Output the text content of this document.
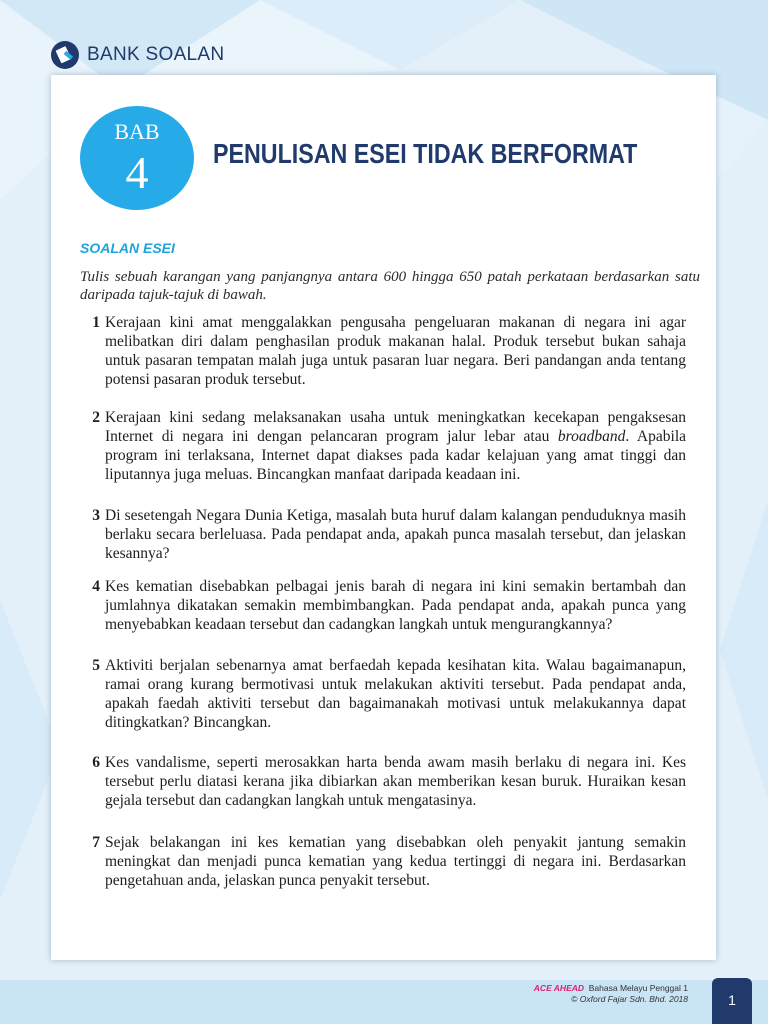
BANK SOALAN
BAB
4	PENULISAN ESEI TIDAK BERFORMAT
SOALAN ESEI
Tulis sebuah karangan yang panjangnya antara 600 hingga 650 patah perkataan berdasarkan satu daripada tajuk-tajuk di bawah.
1 Kerajaan kini amat menggalakkan pengusaha pengeluaran makanan di negara ini agar melibatkan diri dalam penghasilan produk makanan halal. Produk tersebut bukan sahaja untuk pasaran tempatan malah juga untuk pasaran luar negara. Beri pandangan anda tentang potensi pasaran produk tersebut.
2 Kerajaan kini sedang melaksanakan usaha untuk meningkatkan kecekapan pengaksesan Internet di negara ini dengan pelancaran program jalur lebar atau broadband. Apabila program ini terlaksana, Internet dapat diakses pada kadar kelajuan yang amat tinggi dan liputannya juga meluas. Bincangkan manfaat daripada keadaan ini.
3 Di sesetengah Negara Dunia Ketiga, masalah buta huruf dalam kalangan penduduknya masih berlaku secara berleluasa. Pada pendapat anda, apakah punca masalah tersebut, dan jelaskan kesannya?
4 Kes kematian disebabkan pelbagai jenis barah di negara ini kini semakin bertambah dan jumlahnya dikatakan semakin membimbangkan. Pada pendapat anda, apakah punca yang menyebabkan keadaan tersebut dan cadangkan langkah untuk mengurangkannya?
5 Aktiviti berjalan sebenarnya amat berfaedah kepada kesihatan kita. Walau bagaimanapun, ramai orang kurang bermotivasi untuk melakukan aktiviti tersebut. Pada pendapat anda, apakah faedah aktiviti tersebut dan bagaimanakah motivasi untuk melakukannya dapat ditingkatkan? Bincangkan.
6 Kes vandalisme, seperti merosakkan harta benda awam masih berlaku di negara ini. Kes tersebut perlu diatasi kerana jika dibiarkan akan memberikan kesan buruk. Huraikan kesan gejala tersebut dan cadangkan langkah untuk mengatasinya.
7 Sejak belakangan ini kes kematian yang disebabkan oleh penyakit jantung semakin meningkat dan menjadi punca kematian yang kedua tertinggi di negara ini. Berdasarkan pengetahuan anda, jelaskan punca penyakit tersebut.
ACE AHEAD Bahasa Melayu Penggal 1
© Oxford Fajar Sdn. Bhd. 2018	1
